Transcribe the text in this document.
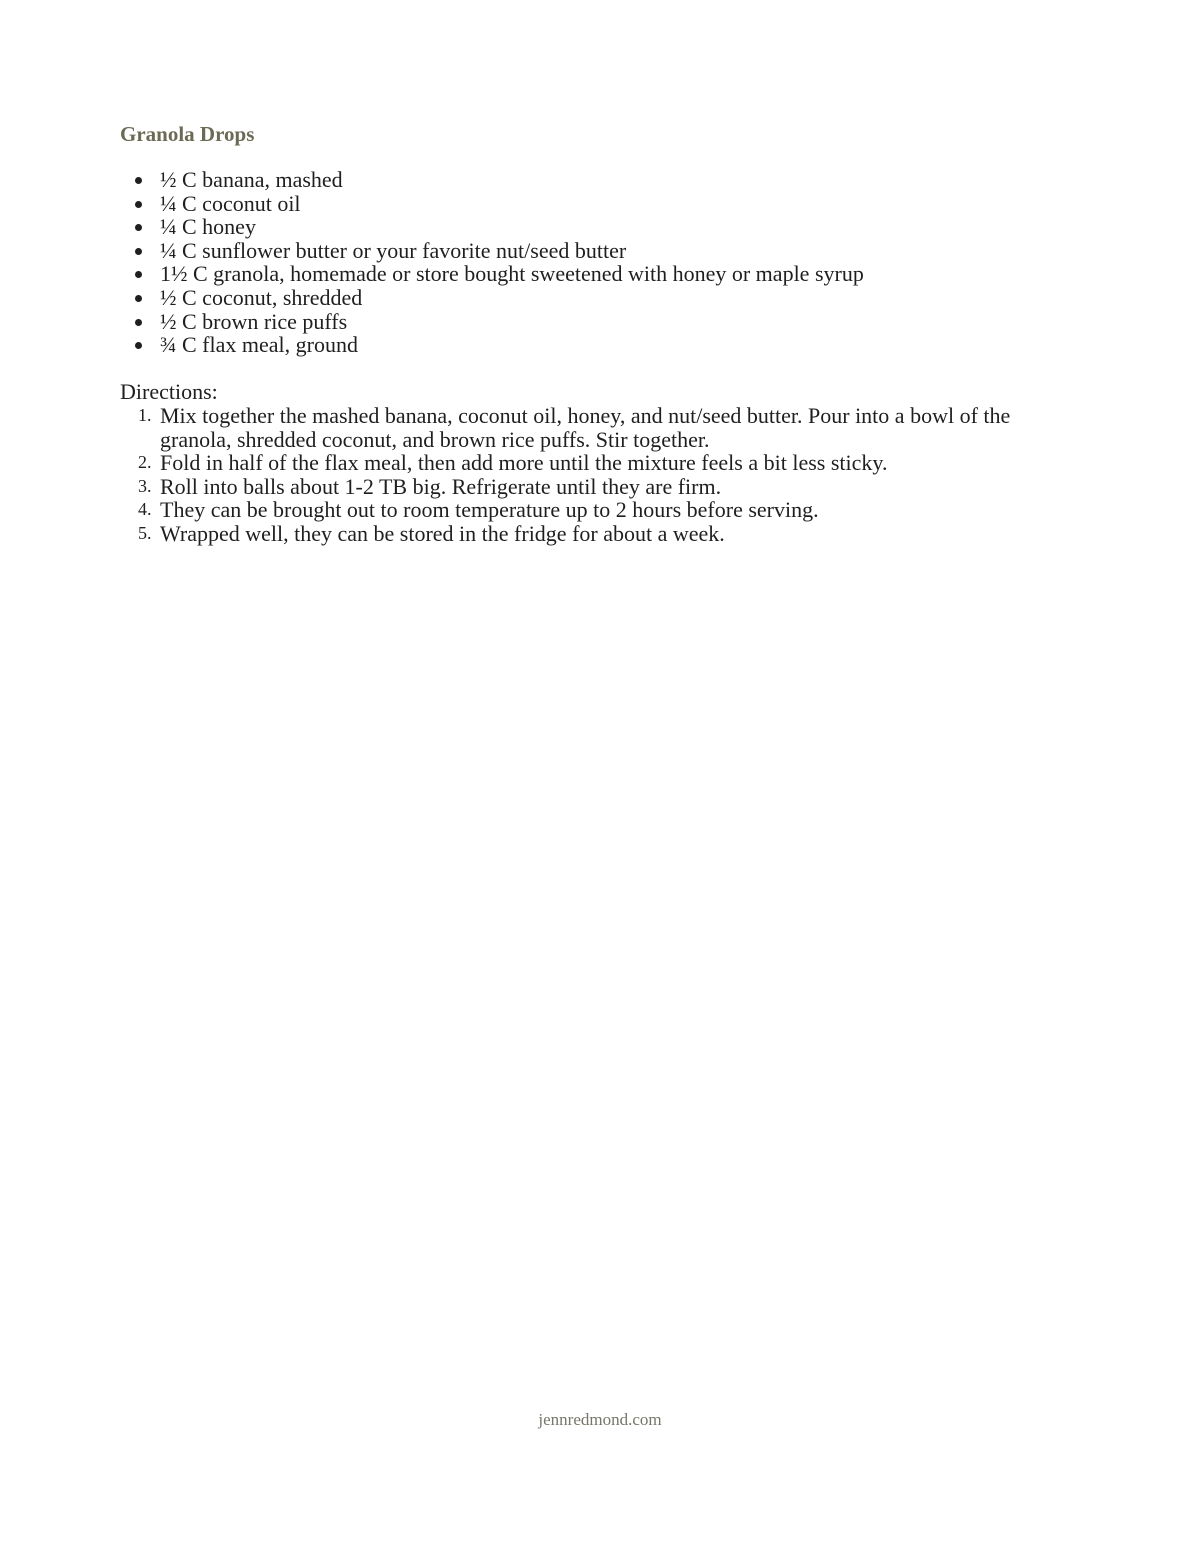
Granola Drops
½ C banana, mashed
¼ C coconut oil
¼ C honey
¼ C sunflower butter or your favorite nut/seed butter
1½ C granola, homemade or store bought sweetened with honey or maple syrup
½ C coconut, shredded
½ C brown rice puffs
¾ C flax meal, ground

Directions:

1. Mix together the mashed banana, coconut oil, honey, and nut/seed butter. Pour into a bowl of the granola, shredded coconut, and brown rice puffs. Stir together.
2. Fold in half of the flax meal, then add more until the mixture feels a bit less sticky.
3. Roll into balls about 1-2 TB big. Refrigerate until they are firm.
4. They can be brought out to room temperature up to 2 hours before serving.
5. Wrapped well, they can be stored in the fridge for about a week.

jennredmond.com
